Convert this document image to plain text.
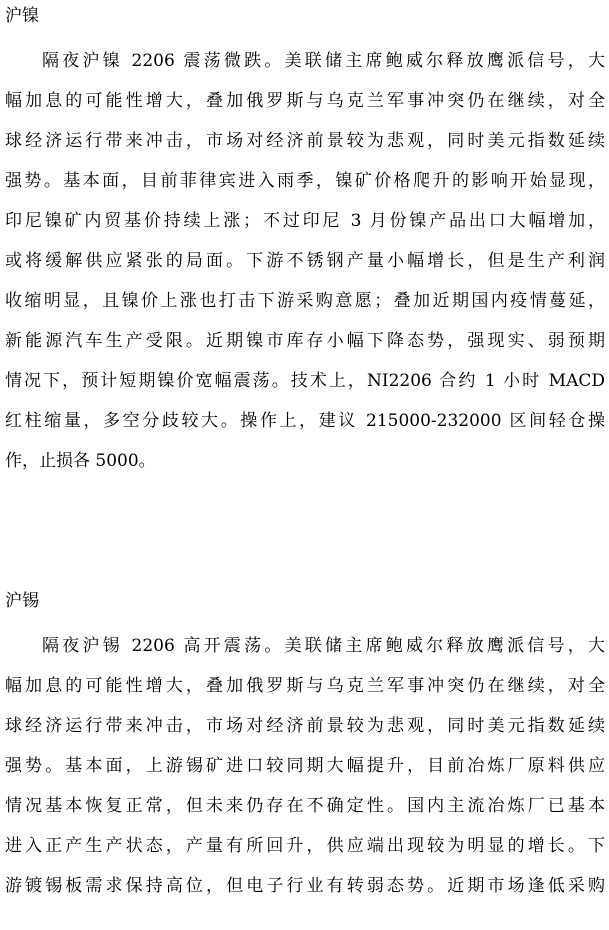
沪镍
隔夜沪镍 2206 震荡微跌。美联储主席鲍威尔释放鹰派信号，大
幅加息的可能性增大，叠加俄罗斯与乌克兰军事冲突仍在继续，对全
球经济运行带来冲击，市场对经济前景较为悲观，同时美元指数延续
强势。基本面，目前菲律宾进入雨季，镍矿价格爬升的影响开始显现，
印尼镍矿内贸基价持续上涨；不过印尼 3 月份镍产品出口大幅增加，
或将缓解供应紧张的局面。下游不锈钢产量小幅增长，但是生产利润
收缩明显，且镍价上涨也打击下游采购意愿；叠加近期国内疫情蔓延，
新能源汽车生产受限。近期镍市库存小幅下降态势，强现实、弱预期
情况下，预计短期镍价宽幅震荡。技术上，NI2206 合约 1 小时 MACD
红柱缩量，多空分歧较大。操作上，建议 215000-232000 区间轻仓操
作，止损各 5000。
沪锡
隔夜沪锡 2206 高开震荡。美联储主席鲍威尔释放鹰派信号，大
幅加息的可能性增大，叠加俄罗斯与乌克兰军事冲突仍在继续，对全
球经济运行带来冲击，市场对经济前景较为悲观，同时美元指数延续
强势。基本面，上游锡矿进口较同期大幅提升，目前冶炼厂原料供应
情况基本恢复正常，但未来仍存在不确定性。国内主流冶炼厂已基本
进入正产生产状态，产量有所回升，供应端出现较为明显的增长。下
游镀锡板需求保持高位，但电子行业有转弱态势。近期市场逢低采购
